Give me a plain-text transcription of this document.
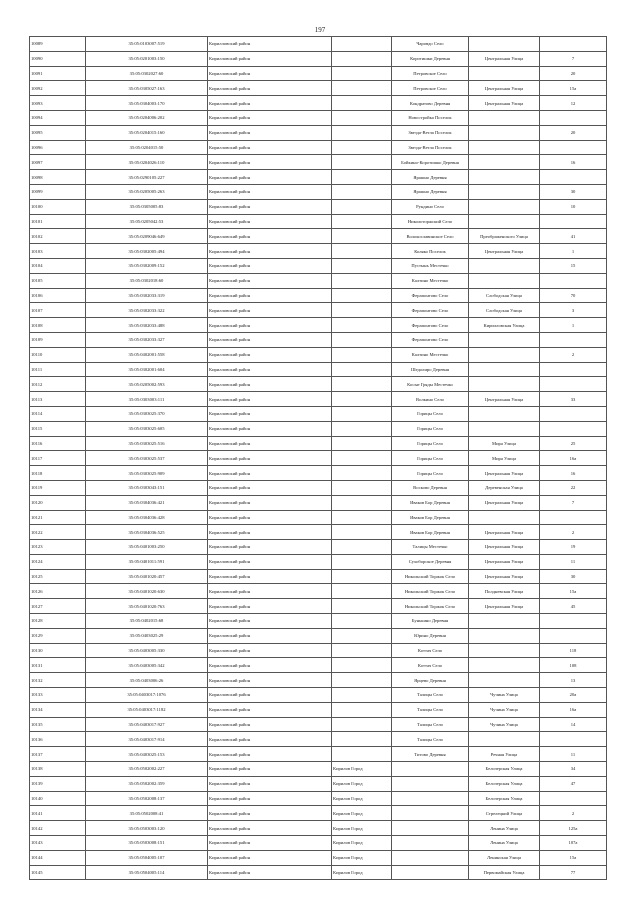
197
10089	35:05:0103007:519	Кирилловский район		Чаровдо Село		
10090	35:05:0201003:150	Кирилловский район		Коротишки Деревня	Центральная Улица	7
10091	35:05:0302027:60	Кирилловский район		Петровское Село		20
10092	35:05:0305027:163	Кирилловский район		Петровское Село	Центральная Улица	15а
10093	35:05:0304003:170	Кирилловский район		Кондратово Деревня	Центральная Улица	12
10094	35:05:0204006:202	Кирилловский район		Новостройка Поселок		
10095	35:05:0204015:160	Кирилловский район		Звезда-Ветла Поселок		20
10096	35:05:0204015:50	Кирилловский район		Звезда-Ветла Поселок		
10097	35:05:0204026:110	Кирилловский район		Бойкино-Коротишко Деревня		16
10098	35:05:0290105:227	Кирилловский район		Ярашно Деревня		
10099	35:05:0205005:263	Кирилловский район		Ярашно Деревня		30
10100	35:05:0305005:83	Кирилловский район		Рундино Село		10
10101	35:05:0205042:53	Кирилловский район		Николоторжский Село		
10102	35:05:0209046:649	Кирилловский район		Волокославинское Село	Преображенского Улица	41
10103	35:05:0302005:494	Кирилловский район		Коляко Поселок	Центральная Улица	1
10104	35:05:0302009:152	Кирилловский район		Пустынь Местечко		15
10105	35:05:0302018:60	Кирилловский район		Калтино Местечко		
10106	35:05:0302033:319	Кирилловский район		Ферапонтово Село	Слободская Улица	70
10107	35:05:0302033:322	Кирилловский район		Ферапонтово Село	Слободская Улица	3
10108	35:05:0302033:488	Кирилловский район		Ферапонтово Село	Кирилловская Улица	1
10109	35:05:0302033:327	Кирилловский район		Ферапонтово Село		
10110	35:05:0402001:558	Кирилловский район		Калтино Местечко		2
10111	35:05:0302001:604	Кирилловский район		Шедолиро Деревня		
10112	35:05:0205002:593	Кирилловский район		Косые Гряды Местечко		
10113	35:05:0303003:111	Кирилловский район		Волкино Село	Центральная Улица	33
10114	35:05:0303025:370	Кирилловский район		Горицы Село		
10115	35:05:0303025:605	Кирилловский район		Горицы Село		
10116	35:05:0303025:516	Кирилловский район		Горицы Село	Мира Улица	25
10117	35:05:0303025:537	Кирилловский район		Горицы Село	Мира Улица	16а
10118	35:05:0303025:909	Кирилловский район		Горицы Село	Центральная Улица	16
10119	35:05:0303043:151	Кирилловский район		Восково Деревня	Деревенская Улица	22
10120	35:05:0304036:421	Кирилловский район		Иваков Бор Деревня	Центральная Улица	7
10121	35:05:0304036:428	Кирилловский район		Иваков Бор Деревня		
10122	35:05:0304036:525	Кирилловский район		Иваков Бор Деревня	Центральная Улица	2
10123	35:05:0401003:250	Кирилловский район		Талицы Местечко	Центральная Улица	19
10124	35:05:0401011:591	Кирилловский район		Сухоборское Деревня	Центральная Улица	11
10125	35:05:0401020:457	Кирилловский район		Никольский Торжок Село	Центральная Улица	30
10126	35:05:0401020:630	Кирилловский район		Никольский Торжок Село	Полдневская Улица	15а
10127	35:05:0401020:763	Кирилловский район		Никольский Торжок Село	Центральная Улица	45
10128	35:05:0402015:68	Кирилловский район		Бунькино Деревня		
10129	35:05:0403025:29	Кирилловский район		Юрино Деревня		
10130	35:05:0403005:330	Кирилловский район		Коттач Село		118
10131	35:05:0403005:342	Кирилловский район		Коттач Село		108
10132	35:05:0403006:26	Кирилловский район		Ярцево Деревня		13
10133	35:05:0403017:1076	Кирилловский район		Талицы Село	Чучина Улица	20а
10134	35:05:0403017:1182	Кирилловский район		Талицы Село	Чучина Улица	16а
10135	35:05:0403017:927	Кирилловский район		Талицы Село	Чучина Улица	14
10136	35:05:0403017:914	Кирилловский район		Талицы Село		
10137	35:05:0403025:153	Кирилловский район		Титово Деревня	Речная Улица	11
10138	35:05:0502002:227	Кирилловский район	Кирилов Город		Белозерская Улица	34
10139	35:05:0502002:359	Кирилловский район	Кирилов Город		Белозерская Улица	47
10140	35:05:0502008:137	Кирилловский район	Кирилов Город		Белозерская Улица	
10141	35:05:0502008:41	Кирилловский район	Кирилов Город		Стрелецкий Улица	2
10142	35:05:0503003:120	Кирилловский район	Кирилов Город		Ленина Улица	125а
10143	35:05:0503008:151	Кирилловский район	Кирилов Город		Ленина Улица	107а
10144	35:05:0504005:107	Кирилловский район	Кирилов Город		Ленинская Улица	15а
10145	35:05:0504005:114	Кирилловский район	Кирилов Город		Первомайская Улица	77
